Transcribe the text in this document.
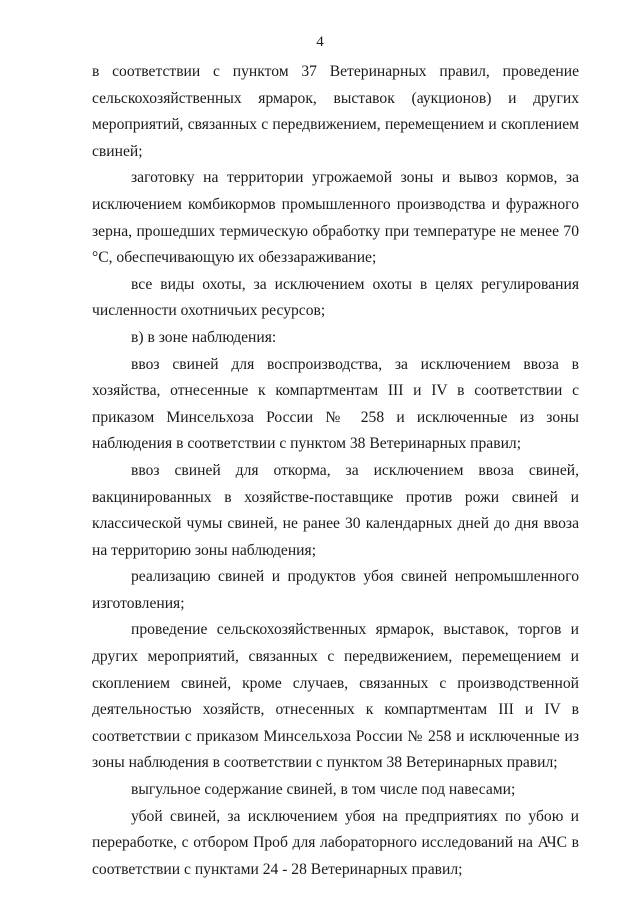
4

в соответствии с пунктом 37 Ветеринарных правил, проведение сельскохозяйственных ярмарок, выставок (аукционов) и других мероприятий, связанных с передвижением, перемещением и скоплением свиней;

заготовку на территории угрожаемой зоны и вывоз кормов, за исключением комбикормов промышленного производства и фуражного зерна, прошедших термическую обработку при температуре не менее 70 °С, обеспечивающую их обеззараживание;

все виды охоты, за исключением охоты в целях регулирования численности охотничьих ресурсов;

в) в зоне наблюдения:

ввоз свиней для воспроизводства, за исключением ввоза в хозяйства, отнесенные к компартментам III и IV в соответствии с приказом Минсельхоза России № 258 и исключенные из зоны наблюдения в соответствии с пунктом 38 Ветеринарных правил;

ввоз свиней для откорма, за исключением ввоза свиней, вакцинированных в хозяйстве-поставщике против рожи свиней и классической чумы свиней, не ранее 30 календарных дней до дня ввоза на территорию зоны наблюдения;

реализацию свиней и продуктов убоя свиней непромышленного изготовления;

проведение сельскохозяйственных ярмарок, выставок, торгов и других мероприятий, связанных с передвижением, перемещением и скоплением свиней, кроме случаев, связанных с производственной деятельностью хозяйств, отнесенных к компартментам III и IV в соответствии с приказом Минсельхоза России № 258 и исключенные из зоны наблюдения в соответствии с пунктом 38 Ветеринарных правил;

выгульное содержание свиней, в том числе под навесами;

убой свиней, за исключением убоя на предприятиях по убою и переработке, с отбором Проб для лабораторного исследований на АЧС в соответствии с пунктами 24 - 28 Ветеринарных правил;
